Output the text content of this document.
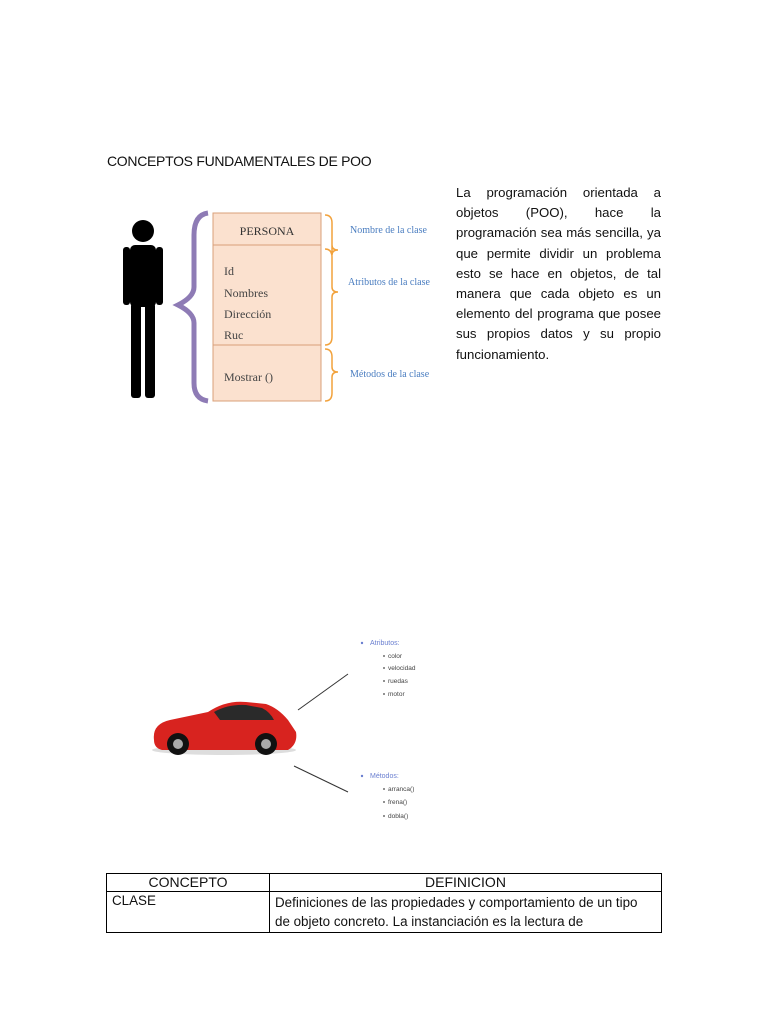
CONCEPTOS FUNDAMENTALES DE POO
La programación orientada a objetos (POO), hace la programación sea más sencilla, ya que permite dividir un problema esto se hace en objetos, de tal manera que cada objeto es un elemento del programa que posee sus propios datos y su propio funcionamiento.
PERSONA
Id
Nombres
Dirección
Ruc
Mostrar ()
Nombre de la clase
Atributos de la clase
Métodos de la clase
Atributos:
color
velocidad
ruedas
motor
Métodos:
arranca()
frena()
dobla()
CONCEPTO	DEFINICION
CLASE	Definiciones de las propiedades y comportamiento de un tipo de objeto concreto. La instanciación es la lectura de
